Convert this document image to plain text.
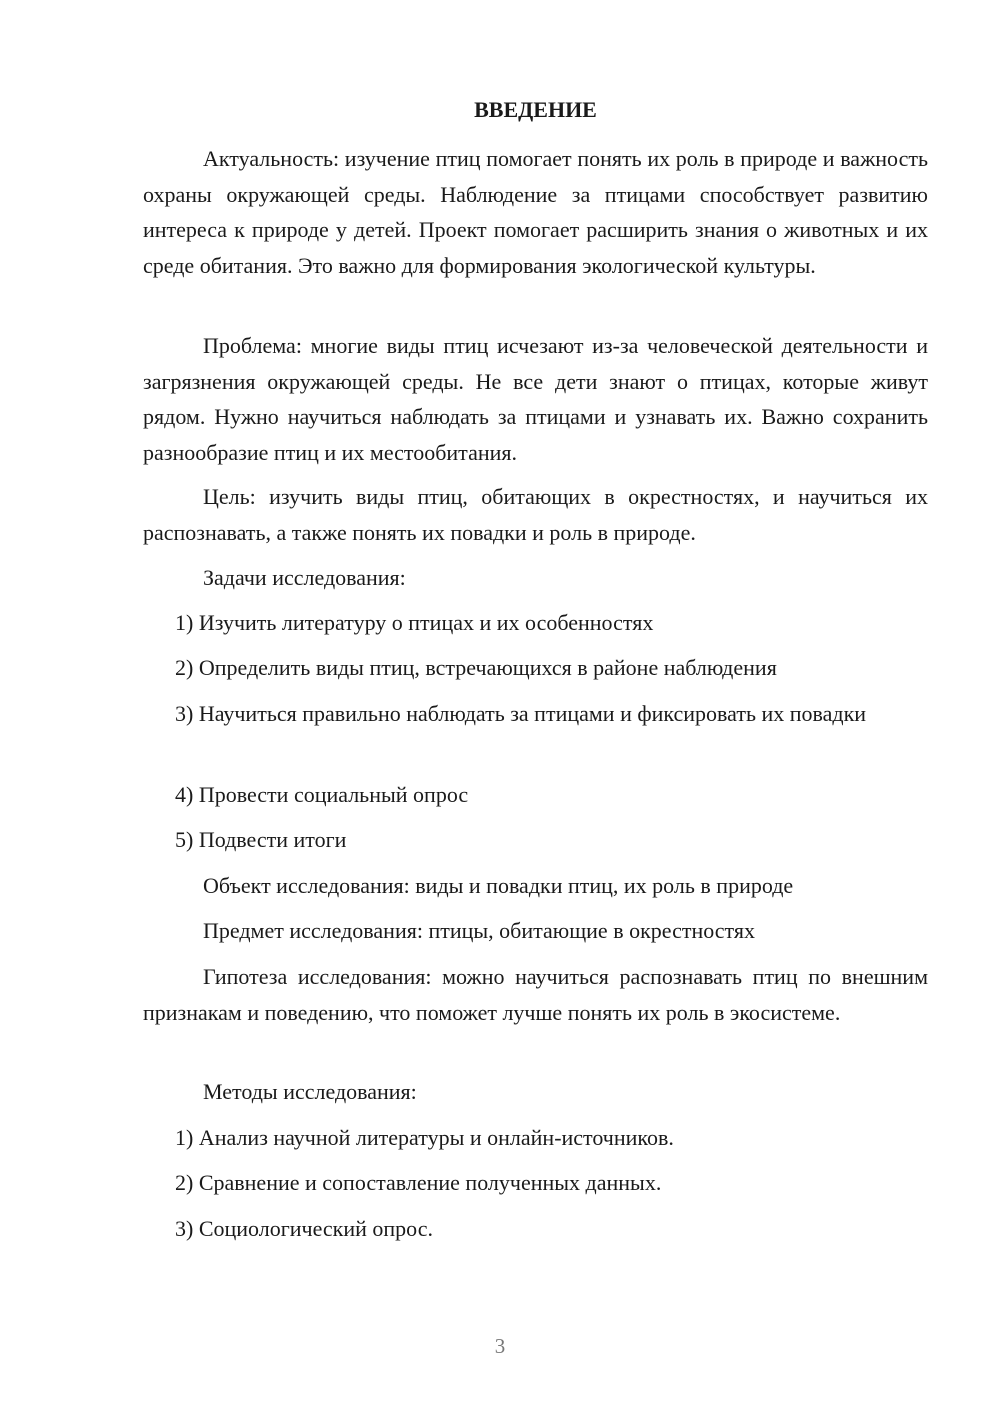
ВВЕДЕНИЕ

Актуальность: изучение птиц помогает понять их роль в природе и важность охраны окружающей среды. Наблюдение за птицами способствует развитию интереса к природе у детей. Проект помогает расширить знания о животных и их среде обитания. Это важно для формирования экологической культуры.

Проблема: многие виды птиц исчезают из-за человеческой деятельности и загрязнения окружающей среды. Не все дети знают о птицах, которые живут рядом. Нужно научиться наблюдать за птицами и узнавать их. Важно сохранить разнообразие птиц и их местообитания.

Цель: изучить виды птиц, обитающих в окрестностях, и научиться их распознавать, а также понять их повадки и роль в природе.

Задачи исследования:

1) Изучить литературу о птицах и их особенностях

2) Определить виды птиц, встречающихся в районе наблюдения

3) Научиться правильно наблюдать за птицами и фиксировать их повадки

4) Провести социальный опрос

5) Подвести итоги

Объект исследования: виды и повадки птиц, их роль в природе

Предмет исследования: птицы, обитающие в окрестностях

Гипотеза исследования: можно научиться распознавать птиц по внешним признакам и поведению, что поможет лучше понять их роль в экосистеме.

Методы исследования:

1) Анализ научной литературы и онлайн-источников.

2) Сравнение и сопоставление полученных данных.

3) Социологический опрос.

3
